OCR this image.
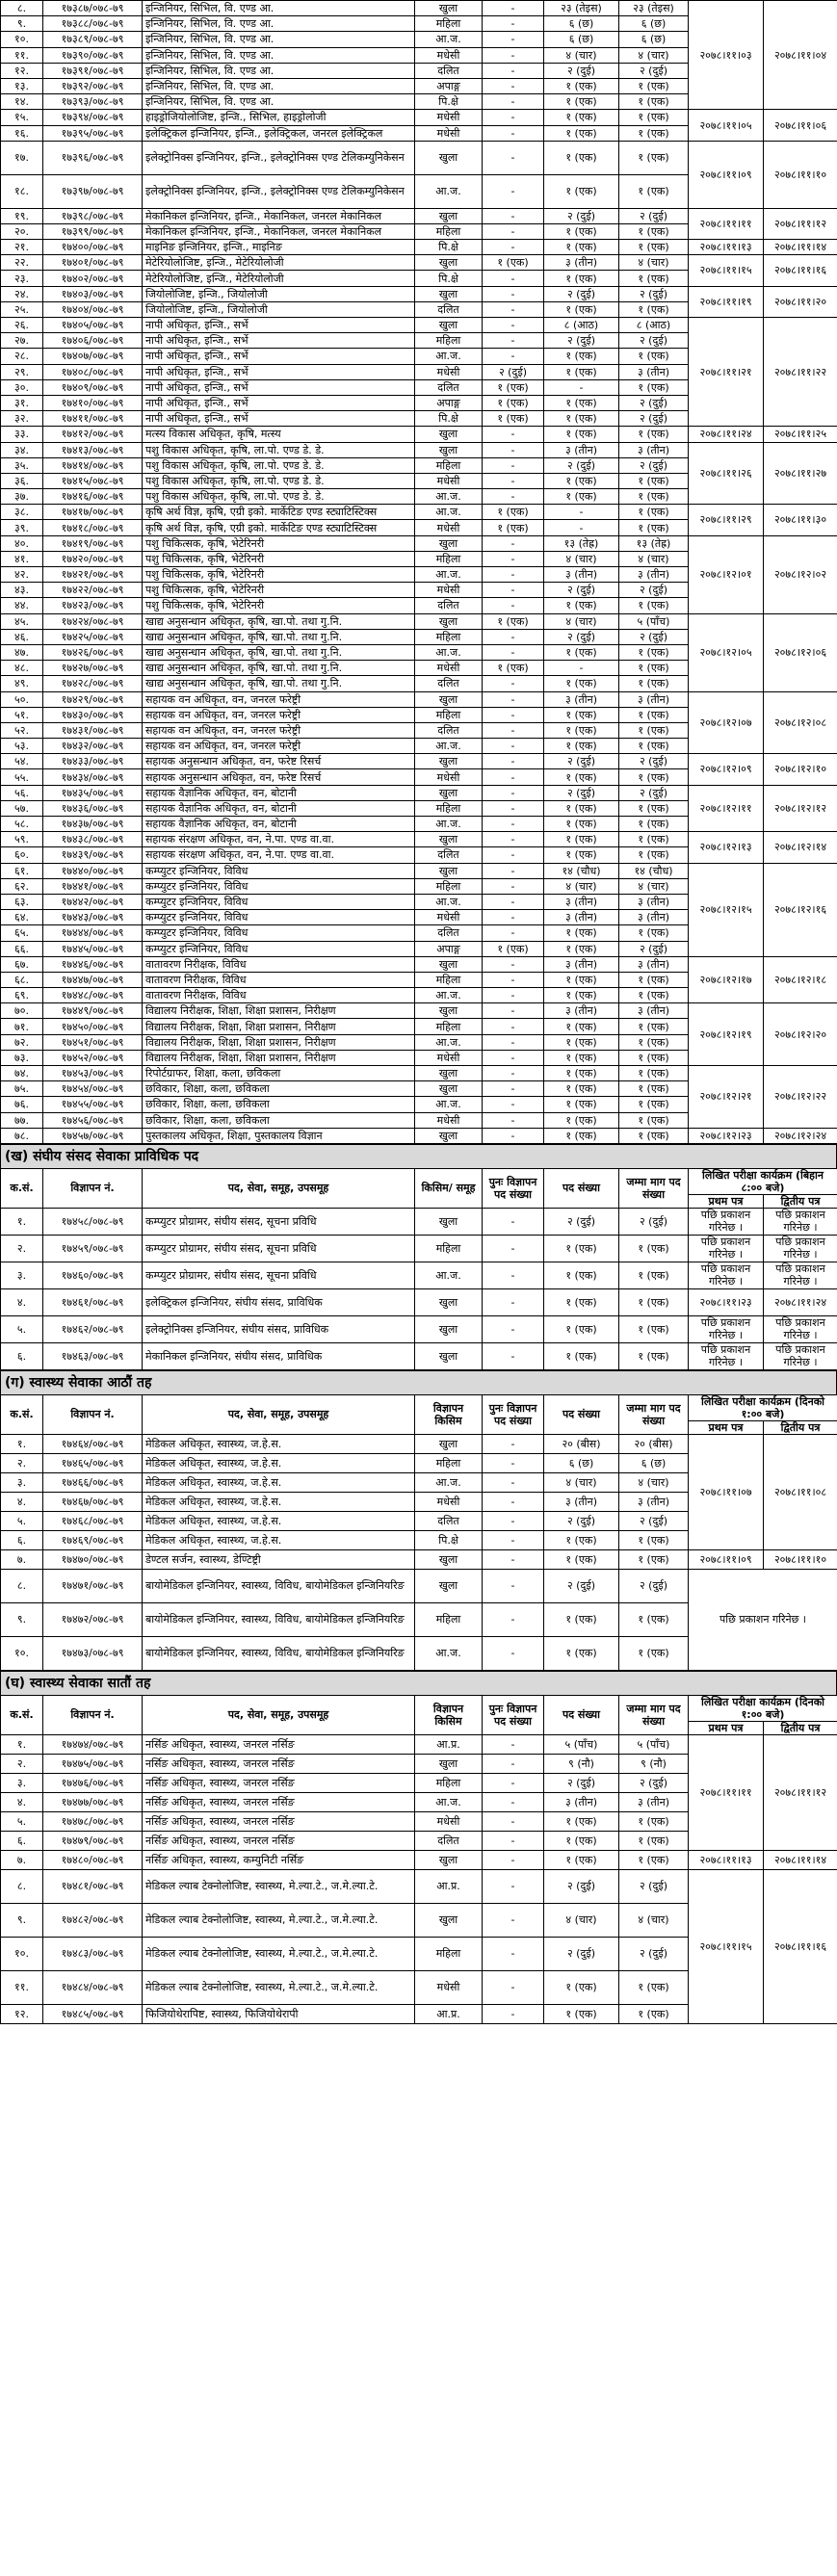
८.	१७३८७/०७८-७९	इन्जिनियर, सिभिल, वि. एण्ड आ.	खुला	-	२३ (तेइस)	२३ (तेइस)	२०७८।११।०३	२०७८।११।०४
९.	१७३८८/०७८-७९	इन्जिनियर, सिभिल, वि. एण्ड आ.	महिला	-	६ (छ)	६ (छ)		
१०.	१७३८९/०७८-७९	इन्जिनियर, सिभिल, वि. एण्ड आ.	आ.ज.	-	६ (छ)	६ (छ)		
११.	१७३९०/०७८-७९	इन्जिनियर, सिभिल, वि. एण्ड आ.	मधेसी	-	४ (चार)	४ (चार)		
१२.	१७३९१/०७८-७९	इन्जिनियर, सिभिल, वि. एण्ड आ.	दलित	-	२ (दुई)	२ (दुई)		
१३.	१७३९२/०७८-७९	इन्जिनियर, सिभिल, वि. एण्ड आ.	अपाङ्ग	-	१ (एक)	१ (एक)		
१४.	१७३९३/०७८-७९	इन्जिनियर, सिभिल, वि. एण्ड आ.	पि.क्षे	-	१ (एक)	१ (एक)		
१५.	१७३९४/०७८-७९	हाइड्रोजियोलोजिष्ट, इन्जि., सिभिल, हाइड्रोलोजी	मधेसी	-	१ (एक)	१ (एक)	२०७८।११।०५	२०७८।११।०६
१६.	१७३९५/०७८-७९	इलेक्ट्रिकल इन्जिनियर, इन्जि., इलेक्ट्रिकल, जनरल इलेक्ट्रिकल	मधेसी	-	१ (एक)	१ (एक)		
१७.	१७३९६/०७८-७९	इलेक्ट्रोनिक्स इन्जिनियर, इन्जि., इलेक्ट्रोनिक्स एण्ड टेलिकम्युनिकेसन	खुला	-	१ (एक)	१ (एक)	२०७८।११।०९	२०७८।११।१०
१८.	१७३९७/०७८-७९	इलेक्ट्रोनिक्स इन्जिनियर, इन्जि., इलेक्ट्रोनिक्स एण्ड टेलिकम्युनिकेसन	आ.ज.	-	१ (एक)	१ (एक)		
१९.	१७३९८/०७८-७९	मेकानिकल इन्जिनियर, इन्जि., मेकानिकल, जनरल मेकानिकल	खुला	-	२ (दुई)	२ (दुई)	२०७८।११।११	२०७८।११।१२
२०.	१७३९९/०७८-७९	मेकानिकल इन्जिनियर, इन्जि., मेकानिकल, जनरल मेकानिकल	महिला	-	१ (एक)	१ (एक)		
२१.	१७४००/०७८-७९	माइनिङ इन्जिनियर, इन्जि., माइनिङ	पि.क्षे	-	१ (एक)	१ (एक)	२०७८।११।१३	२०७८।११।१४
२२.	१७४०१/०७८-७९	मेटेरियोलोजिष्ट, इन्जि., मेटेरियोलोजी	खुला	१ (एक)	३ (तीन)	४ (चार)	२०७८।११।१५	२०७८।११।१६
२३.	१७४०२/०७८-७९	मेटेरियोलोजिष्ट, इन्जि., मेटेरियोलोजी	पि.क्षे	-	१ (एक)	१ (एक)		
२४.	१७४०३/०७८-७९	जियोलोजिष्ट, इन्जि., जियोलोजी	खुला	-	२ (दुई)	२ (दुई)	२०७८।११।१९	२०७८।११।२०
२५.	१७४०४/०७८-७९	जियोलोजिष्ट, इन्जि., जियोलोजी	दलित	-	१ (एक)	१ (एक)		
२६.	१७४०५/०७८-७९	नापी अधिकृत, इन्जि., सर्भे	खुला	-	८ (आठ)	८ (आठ)	२०७८।११।२१	२०७८।११।२२
२७.	१७४०६/०७८-७९	नापी अधिकृत, इन्जि., सर्भे	महिला	-	२ (दुई)	२ (दुई)		
२८.	१७४०७/०७८-७९	नापी अधिकृत, इन्जि., सर्भे	आ.ज.	-	१ (एक)	१ (एक)		
२९.	१७४०८/०७८-७९	नापी अधिकृत, इन्जि., सर्भे	मधेसी	२ (दुई)	१ (एक)	३ (तीन)		
३०.	१७४०९/०७८-७९	नापी अधिकृत, इन्जि., सर्भे	दलित	१ (एक)	-	१ (एक)		
३१.	१७४१०/०७८-७९	नापी अधिकृत, इन्जि., सर्भे	अपाङ्ग	१ (एक)	१ (एक)	२ (दुई)		
३२.	१७४११/०७८-७९	नापी अधिकृत, इन्जि., सर्भे	पि.क्षे	१ (एक)	१ (एक)	२ (दुई)		
३३.	१७४१२/०७८-७९	मत्स्य विकास अधिकृत, कृषि, मत्स्य	खुला	-	१ (एक)	१ (एक)	२०७८।११।२४	२०७८।११।२५
३४.	१७४१३/०७८-७९	पशु विकास अधिकृत, कृषि, ला.पो. एण्ड डे. डे.	खुला	-	३ (तीन)	३ (तीन)	२०७८।११।२६	२०७८।११।२७
३५.	१७४१४/०७८-७९	पशु विकास अधिकृत, कृषि, ला.पो. एण्ड डे. डे.	महिला	-	२ (दुई)	२ (दुई)		
३६.	१७४१५/०७८-७९	पशु विकास अधिकृत, कृषि, ला.पो. एण्ड डे. डे.	मधेसी	-	१ (एक)	१ (एक)		
३७.	१७४१६/०७८-७९	पशु विकास अधिकृत, कृषि, ला.पो. एण्ड डे. डे.	आ.ज.	-	१ (एक)	१ (एक)		
३८.	१७४१७/०७८-७९	कृषि अर्थ विज्ञ, कृषि, एग्री इको. मार्केटिङ एण्ड स्ट्याटिस्टिक्स	आ.ज.	१ (एक)	-	१ (एक)	२०७८।११।२९	२०७८।११।३०
३९.	१७४१८/०७८-७९	कृषि अर्थ विज्ञ, कृषि, एग्री इको. मार्केटिङ एण्ड स्ट्याटिस्टिक्स	मधेसी	१ (एक)	-	१ (एक)		
४०.	१७४१९/०७८-७९	पशु चिकित्सक, कृषि, भेटेरिनरी	खुला	-	१३ (तेह्र)	१३ (तेह्र)	२०७८।१२।०१	२०७८।१२।०२
४१.	१७४२०/०७८-७९	पशु चिकित्सक, कृषि, भेटेरिनरी	महिला	-	४ (चार)	४ (चार)		
४२.	१७४२१/०७८-७९	पशु चिकित्सक, कृषि, भेटेरिनरी	आ.ज.	-	३ (तीन)	३ (तीन)		
४३.	१७४२२/०७८-७९	पशु चिकित्सक, कृषि, भेटेरिनरी	मधेसी	-	२ (दुई)	२ (दुई)		
४४.	१७४२३/०७८-७९	पशु चिकित्सक, कृषि, भेटेरिनरी	दलित	-	१ (एक)	१ (एक)		
४५.	१७४२४/०७८-७९	खाद्य अनुसन्धान अधिकृत, कृषि, खा.पो. तथा गु.नि.	खुला	१ (एक)	४ (चार)	५ (पाँच)	२०७८।१२।०५	२०७८।१२।०६
४६.	१७४२५/०७८-७९	खाद्य अनुसन्धान अधिकृत, कृषि, खा.पो. तथा गु.नि.	महिला	-	२ (दुई)	२ (दुई)		
४७.	१७४२६/०७८-७९	खाद्य अनुसन्धान अधिकृत, कृषि, खा.पो. तथा गु.नि.	आ.ज.	-	१ (एक)	१ (एक)		
४८.	१७४२७/०७८-७९	खाद्य अनुसन्धान अधिकृत, कृषि, खा.पो. तथा गु.नि.	मधेसी	१ (एक)	-	१ (एक)		
४९.	१७४२८/०७८-७९	खाद्य अनुसन्धान अधिकृत, कृषि, खा.पो. तथा गु.नि.	दलित	-	१ (एक)	१ (एक)		
५०.	१७४२९/०७८-७९	सहायक वन अधिकृत, वन, जनरल फरेष्ट्री	खुला	-	३ (तीन)	३ (तीन)	२०७८।१२।०७	२०७८।१२।०८
५१.	१७४३०/०७८-७९	सहायक वन अधिकृत, वन, जनरल फरेष्ट्री	महिला	-	१ (एक)	१ (एक)		
५२.	१७४३१/०७८-७९	सहायक वन अधिकृत, वन, जनरल फरेष्ट्री	दलित	-	१ (एक)	१ (एक)		
५३.	१७४३२/०७८-७९	सहायक वन अधिकृत, वन, जनरल फरेष्ट्री	आ.ज.	-	१ (एक)	१ (एक)		
५४.	१७४३३/०७८-७९	सहायक अनुसन्धान अधिकृत, वन, फरेष्ट रिसर्च	खुला	-	२ (दुई)	२ (दुई)	२०७८।१२।०९	२०७८।१२।१०
५५.	१७४३४/०७८-७९	सहायक अनुसन्धान अधिकृत, वन, फरेष्ट रिसर्च	मधेसी	-	१ (एक)	१ (एक)		
५६.	१७४३५/०७८-७९	सहायक वैज्ञानिक अधिकृत, वन, बोटानी	खुला	-	२ (दुई)	२ (दुई)	२०७८।१२।११	२०७८।१२।१२
५७.	१७४३६/०७८-७९	सहायक वैज्ञानिक अधिकृत, वन, बोटानी	महिला	-	१ (एक)	१ (एक)		
५८.	१७४३७/०७८-७९	सहायक वैज्ञानिक अधिकृत, वन, बोटानी	आ.ज.	-	१ (एक)	१ (एक)		
५९.	१७४३८/०७८-७९	सहायक संरक्षण अधिकृत, वन, ने.पा. एण्ड वा.वा.	खुला	-	१ (एक)	१ (एक)	२०७८।१२।१३	२०७८।१२।१४
६०.	१७४३९/०७८-७९	सहायक संरक्षण अधिकृत, वन, ने.पा. एण्ड वा.वा.	दलित	-	१ (एक)	१ (एक)		
६१.	१७४४०/०७८-७९	कम्प्युटर इन्जिनियर, विविध	खुला	-	१४ (चौध)	१४ (चौध)	२०७८।१२।१५	२०७८।१२।१६
६२.	१७४४१/०७८-७९	कम्प्युटर इन्जिनियर, विविध	महिला	-	४ (चार)	४ (चार)		
६३.	१७४४२/०७८-७९	कम्प्युटर इन्जिनियर, विविध	आ.ज.	-	३ (तीन)	३ (तीन)		
६४.	१७४४३/०७८-७९	कम्प्युटर इन्जिनियर, विविध	मधेसी	-	३ (तीन)	३ (तीन)		
६५.	१७४४४/०७८-७९	कम्प्युटर इन्जिनियर, विविध	दलित	-	१ (एक)	१ (एक)		
६६.	१७४४५/०७८-७९	कम्प्युटर इन्जिनियर, विविध	अपाङ्ग	१ (एक)	१ (एक)	२ (दुई)		
६७.	१७४४६/०७८-७९	वातावरण निरीक्षक, विविध	खुला	-	३ (तीन)	३ (तीन)	२०७८।१२।१७	२०७८।१२।१८
६८.	१७४४७/०७८-७९	वातावरण निरीक्षक, विविध	महिला	-	१ (एक)	१ (एक)		
६९.	१७४४८/०७८-७९	वातावरण निरीक्षक, विविध	आ.ज.	-	१ (एक)	१ (एक)		
७०.	१७४४९/०७८-७९	विद्यालय निरीक्षक, शिक्षा, शिक्षा प्रशासन, निरीक्षण	खुला	-	३ (तीन)	३ (तीन)	२०७८।१२।१९	२०७८।१२।२०
७१.	१७४५०/०७८-७९	विद्यालय निरीक्षक, शिक्षा, शिक्षा प्रशासन, निरीक्षण	महिला	-	१ (एक)	१ (एक)		
७२.	१७४५१/०७८-७९	विद्यालय निरीक्षक, शिक्षा, शिक्षा प्रशासन, निरीक्षण	आ.ज.	-	१ (एक)	१ (एक)		
७३.	१७४५२/०७८-७९	विद्यालय निरीक्षक, शिक्षा, शिक्षा प्रशासन, निरीक्षण	मधेसी	-	१ (एक)	१ (एक)		
७४.	१७४५३/०७८-७९	रिपोर्टग्राफर, शिक्षा, कला, छविकला	खुला	-	१ (एक)	१ (एक)	२०७८।१२।२१	२०७८।१२।२२
७५.	१७४५४/०७८-७९	छविकार, शिक्षा, कला, छविकला	खुला	-	१ (एक)	१ (एक)		
७६.	१७४५५/०७८-७९	छविकार, शिक्षा, कला, छविकला	आ.ज.	-	१ (एक)	१ (एक)		
७७.	१७४५६/०७८-७९	छविकार, शिक्षा, कला, छविकला	मधेसी	-	१ (एक)	१ (एक)		
७८.	१७४५७/०७८-७९	पुस्तकालय अधिकृत, शिक्षा, पुस्तकालय विज्ञान	खुला	-	१ (एक)	१ (एक)	२०७८।१२।२३	२०७८।१२।२४
(ख) संघीय संसद सेवाका प्राविधिक पद
क.सं.	विज्ञापन नं.	पद, सेवा, समूह, उपसमूह	किसिम/ समूह	पुनः विज्ञापन पद संख्या	पद संख्या	जम्मा माग पद संख्या	लिखित परीक्षा कार्यक्रम (बिहान ८:०० बजे)	
							प्रथम पत्र	द्वितीय पत्र
१.	१७४५८/०७८-७९	कम्प्युटर प्रोग्रामर, संघीय संसद, सूचना प्रविधि	खुला	-	२ (दुई)	२ (दुई)	पछि प्रकाशन गरिनेछ ।	पछि प्रकाशन गरिनेछ ।
२.	१७४५९/०७८-७९	कम्प्युटर प्रोग्रामर, संघीय संसद, सूचना प्रविधि	महिला	-	१ (एक)	१ (एक)	पछि प्रकाशन गरिनेछ ।	पछि प्रकाशन गरिनेछ ।
३.	१७४६०/०७८-७९	कम्प्युटर प्रोग्रामर, संघीय संसद, सूचना प्रविधि	आ.ज.	-	१ (एक)	१ (एक)	पछि प्रकाशन गरिनेछ ।	पछि प्रकाशन गरिनेछ ।
४.	१७४६१/०७८-७९	इलेक्ट्रिकल इन्जिनियर, संघीय संसद, प्राविधिक	खुला	-	१ (एक)	१ (एक)	२०७८।११।२३	२०७८।११।२४
५.	१७४६२/०७८-७९	इलेक्ट्रोनिक्स इन्जिनियर, संघीय संसद, प्राविधिक	खुला	-	१ (एक)	१ (एक)	पछि प्रकाशन गरिनेछ ।	पछि प्रकाशन गरिनेछ ।
६.	१७४६३/०७८-७९	मेकानिकल इन्जिनियर, संघीय संसद, प्राविधिक	खुला	-	१ (एक)	१ (एक)	पछि प्रकाशन गरिनेछ ।	पछि प्रकाशन गरिनेछ ।
(ग) स्वास्थ्य सेवाका आठौं तह
क.सं.	विज्ञापन नं.	पद, सेवा, समूह, उपसमूह	विज्ञापन किसिम	पुनः विज्ञापन पद संख्या	पद संख्या	जम्मा माग पद संख्या	लिखित परीक्षा कार्यक्रम (दिनको १:०० बजे)	
							प्रथम पत्र	द्वितीय पत्र
१.	१७४६४/०७८-७९	मेडिकल अधिकृत, स्वास्थ्य, ज.हे.स.	खुला	-	२० (बीस)	२० (बीस)	२०७८।११।०७	२०७८।११।०८
२.	१७४६५/०७८-७९	मेडिकल अधिकृत, स्वास्थ्य, ज.हे.स.	महिला	-	६ (छ)	६ (छ)		
३.	१७४६६/०७८-७९	मेडिकल अधिकृत, स्वास्थ्य, ज.हे.स.	आ.ज.	-	४ (चार)	४ (चार)		
४.	१७४६७/०७८-७९	मेडिकल अधिकृत, स्वास्थ्य, ज.हे.स.	मधेसी	-	३ (तीन)	३ (तीन)		
५.	१७४६८/०७८-७९	मेडिकल अधिकृत, स्वास्थ्य, ज.हे.स.	दलित	-	२ (दुई)	२ (दुई)		
६.	१७४६९/०७८-७९	मेडिकल अधिकृत, स्वास्थ्य, ज.हे.स.	पि.क्षे	-	१ (एक)	१ (एक)		
७.	१७४७०/०७८-७९	डेण्टल सर्जन, स्वास्थ्य, डेण्टिष्ट्री	खुला	-	१ (एक)	१ (एक)	२०७८।११।०९	२०७८।११।१०
८.	१७४७१/०७८-७९	बायोमेडिकल इन्जिनियर, स्वास्थ्य, विविध, बायोमेडिकल इन्जिनियरिङ	खुला	-	२ (दुई)	२ (दुई)	पछि प्रकाशन गरिनेछ ।	
९.	१७४७२/०७८-७९	बायोमेडिकल इन्जिनियर, स्वास्थ्य, विविध, बायोमेडिकल इन्जिनियरिङ	महिला	-	१ (एक)	१ (एक)		
१०.	१७४७३/०७८-७९	बायोमेडिकल इन्जिनियर, स्वास्थ्य, विविध, बायोमेडिकल इन्जिनियरिङ	आ.ज.	-	१ (एक)	१ (एक)		
(घ) स्वास्थ्य सेवाका सातौं तह
क.सं.	विज्ञापन नं.	पद, सेवा, समूह, उपसमूह	विज्ञापन किसिम	पुनः विज्ञापन पद संख्या	पद संख्या	जम्मा माग पद संख्या	लिखित परीक्षा कार्यक्रम (दिनको १:०० बजे)	
							प्रथम पत्र	द्वितीय पत्र
१.	१७४७४/०७८-७९	नर्सिङ अधिकृत, स्वास्थ्य, जनरल नर्सिङ	आ.प्र.	-	५ (पाँच)	५ (पाँच)	२०७८।११।११	२०७८।११।१२
२.	१७४७५/०७८-७९	नर्सिङ अधिकृत, स्वास्थ्य, जनरल नर्सिङ	खुला	-	९ (नौ)	९ (नौ)		
३.	१७४७६/०७८-७९	नर्सिङ अधिकृत, स्वास्थ्य, जनरल नर्सिङ	महिला	-	२ (दुई)	२ (दुई)		
४.	१७४७७/०७८-७९	नर्सिङ अधिकृत, स्वास्थ्य, जनरल नर्सिङ	आ.ज.	-	३ (तीन)	३ (तीन)		
५.	१७४७८/०७८-७९	नर्सिङ अधिकृत, स्वास्थ्य, जनरल नर्सिङ	मधेसी	-	१ (एक)	१ (एक)		
६.	१७४७९/०७८-७९	नर्सिङ अधिकृत, स्वास्थ्य, जनरल नर्सिङ	दलित	-	१ (एक)	१ (एक)		
७.	१७४८०/०७८-७९	नर्सिङ अधिकृत, स्वास्थ्य, कम्युनिटी नर्सिङ	खुला	-	१ (एक)	१ (एक)	२०७८।११।१३	२०७८।११।१४
८.	१७४८१/०७८-७९	मेडिकल ल्याब टेक्नोलोजिष्ट, स्वास्थ्य, मे.ल्या.टे., ज.मे.ल्या.टे.	आ.प्र.	-	२ (दुई)	२ (दुई)	२०७८।११।१५	२०७८।११।१६
९.	१७४८२/०७८-७९	मेडिकल ल्याब टेक्नोलोजिष्ट, स्वास्थ्य, मे.ल्या.टे., ज.मे.ल्या.टे.	खुला	-	४ (चार)	४ (चार)		
१०.	१७४८३/०७८-७९	मेडिकल ल्याब टेक्नोलोजिष्ट, स्वास्थ्य, मे.ल्या.टे., ज.मे.ल्या.टे.	महिला	-	२ (दुई)	२ (दुई)		
११.	१७४८४/०७८-७९	मेडिकल ल्याब टेक्नोलोजिष्ट, स्वास्थ्य, मे.ल्या.टे., ज.मे.ल्या.टे.	मधेसी	-	१ (एक)	१ (एक)		
१२.	१७४८५/०७८-७९	फिजियोथेरापिष्ट, स्वास्थ्य, फिजियोथेरापी	आ.प्र.	-	१ (एक)	१ (एक)		
